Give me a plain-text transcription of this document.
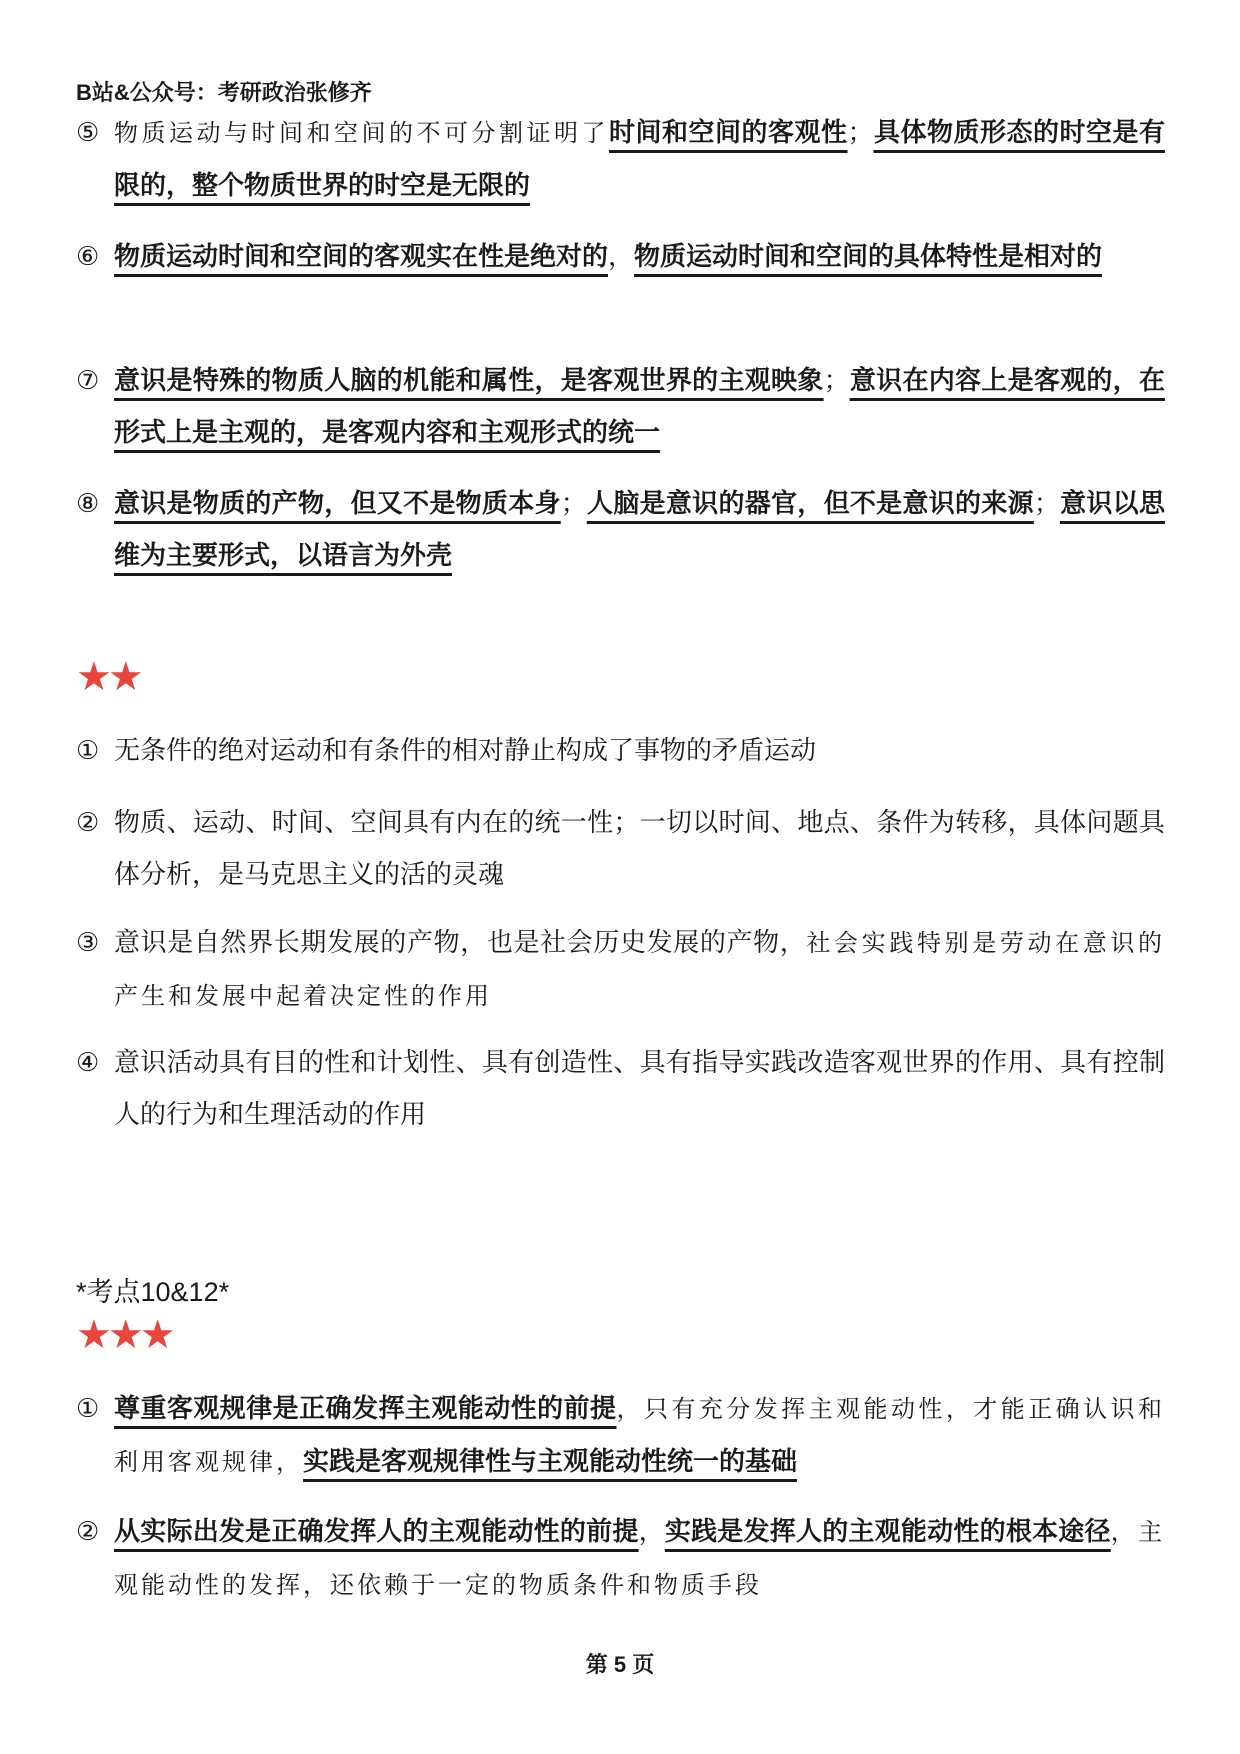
B站&公众号：考研政治张修齐
⑤ 物质运动与时间和空间的不可分割证明了时间和空间的客观性；具体物质形态的时空是有限的，整个物质世界的时空是无限的
⑥ 物质运动时间和空间的客观实在性是绝对的，物质运动时间和空间的具体特性是相对的
⑦ 意识是特殊的物质人脑的机能和属性，是客观世界的主观映象；意识在内容上是客观的，在形式上是主观的，是客观内容和主观形式的统一
⑧ 意识是物质的产物，但又不是物质本身；人脑是意识的器官，但不是意识的来源；意识以思维为主要形式，以语言为外壳
★★
① 无条件的绝对运动和有条件的相对静止构成了事物的矛盾运动
② 物质、运动、时间、空间具有内在的统一性；一切以时间、地点、条件为转移，具体问题具体分析，是马克思主义的活的灵魂
③ 意识是自然界长期发展的产物，也是社会历史发展的产物，社会实践特别是劳动在意识的产生和发展中起着决定性的作用
④ 意识活动具有目的性和计划性、具有创造性、具有指导实践改造客观世界的作用、具有控制人的行为和生理活动的作用
*考点10&12*
★★★
① 尊重客观规律是正确发挥主观能动性的前提，只有充分发挥主观能动性，才能正确认识和利用客观规律，实践是客观规律性与主观能动性统一的基础
② 从实际出发是正确发挥人的主观能动性的前提，实践是发挥人的主观能动性的根本途径，主观能动性的发挥，还依赖于一定的物质条件和物质手段
第 5 页
